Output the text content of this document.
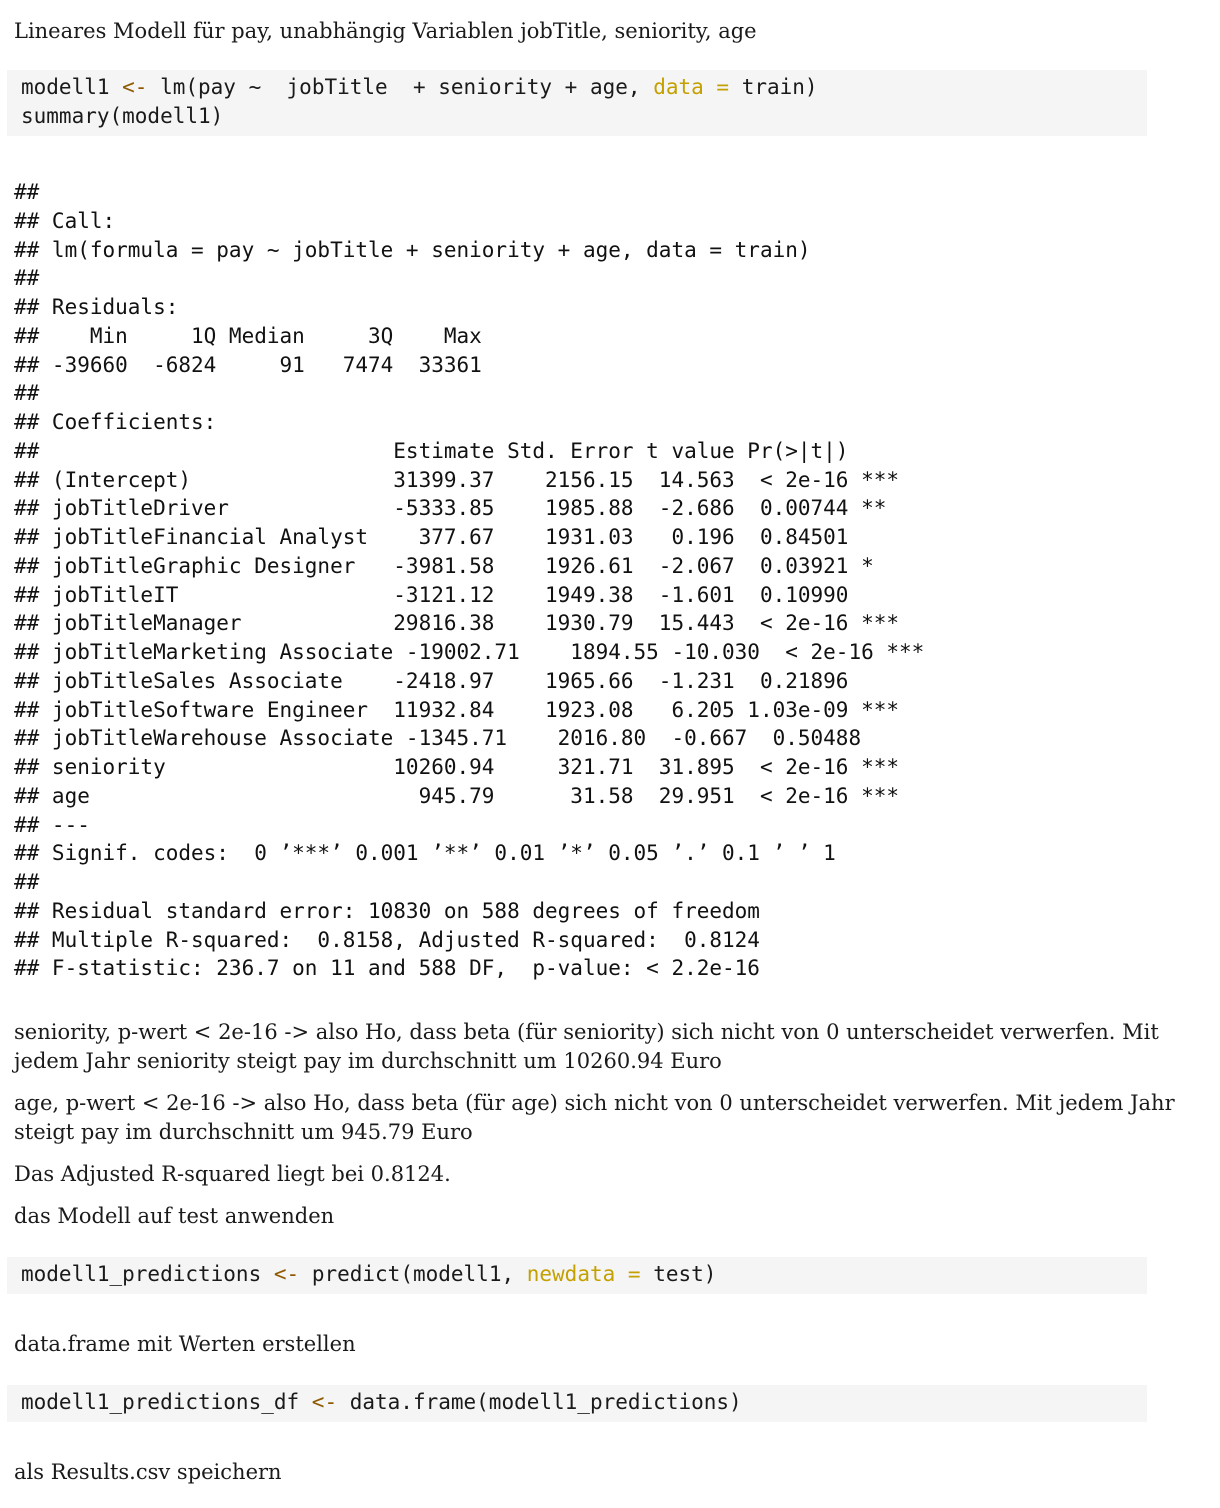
Lineares Modell für pay, unabhängig Variablen jobTitle, seniority, age

modell1 <- lm(pay ~  jobTitle  + seniority + age, data = train)
summary(modell1)
##
## Call:
## lm(formula = pay ~ jobTitle + seniority + age, data = train)
##
## Residuals:
##    Min     1Q Median     3Q    Max
## -39660  -6824     91   7474  33361
##
## Coefficients:
##                            Estimate Std. Error t value Pr(>|t|)
## (Intercept)                31399.37    2156.15  14.563  < 2e-16 ***
## jobTitleDriver             -5333.85    1985.88  -2.686  0.00744 **
## jobTitleFinancial Analyst    377.67    1931.03   0.196  0.84501
## jobTitleGraphic Designer   -3981.58    1926.61  -2.067  0.03921 *
## jobTitleIT                 -3121.12    1949.38  -1.601  0.10990
## jobTitleManager            29816.38    1930.79  15.443  < 2e-16 ***
## jobTitleMarketing Associate -19002.71    1894.55 -10.030  < 2e-16 ***
## jobTitleSales Associate    -2418.97    1965.66  -1.231  0.21896
## jobTitleSoftware Engineer  11932.84    1923.08   6.205 1.03e-09 ***
## jobTitleWarehouse Associate -1345.71    2016.80  -0.667  0.50488
## seniority                  10260.94     321.71  31.895  < 2e-16 ***
## age                          945.79      31.58  29.951  < 2e-16 ***
## ---
## Signif. codes:  0 ’***’ 0.001 ’**’ 0.01 ’*’ 0.05 ’.’ 0.1 ’ ’ 1
##
## Residual standard error: 10830 on 588 degrees of freedom
## Multiple R-squared:  0.8158, Adjusted R-squared:  0.8124
## F-statistic: 236.7 on 11 and 588 DF,  p-value: < 2.2e-16

seniority, p-wert < 2e-16 -> also Ho, dass beta (für seniority) sich nicht von 0 unterscheidet verwerfen. Mit

jedem Jahr seniority steigt pay im durchschnitt um 10260.94 Euro

age, p-wert < 2e-16 -> also Ho, dass beta (für age) sich nicht von 0 unterscheidet verwerfen. Mit jedem Jahr

steigt pay im durchschnitt um 945.79 Euro

Das Adjusted R-squared liegt bei 0.8124.

das Modell auf test anwenden

modell1_predictions <- predict(modell1, newdata = test)

data.frame mit Werten erstellen

modell1_predictions_df <- data.frame(modell1_predictions)

als Results.csv speichern
